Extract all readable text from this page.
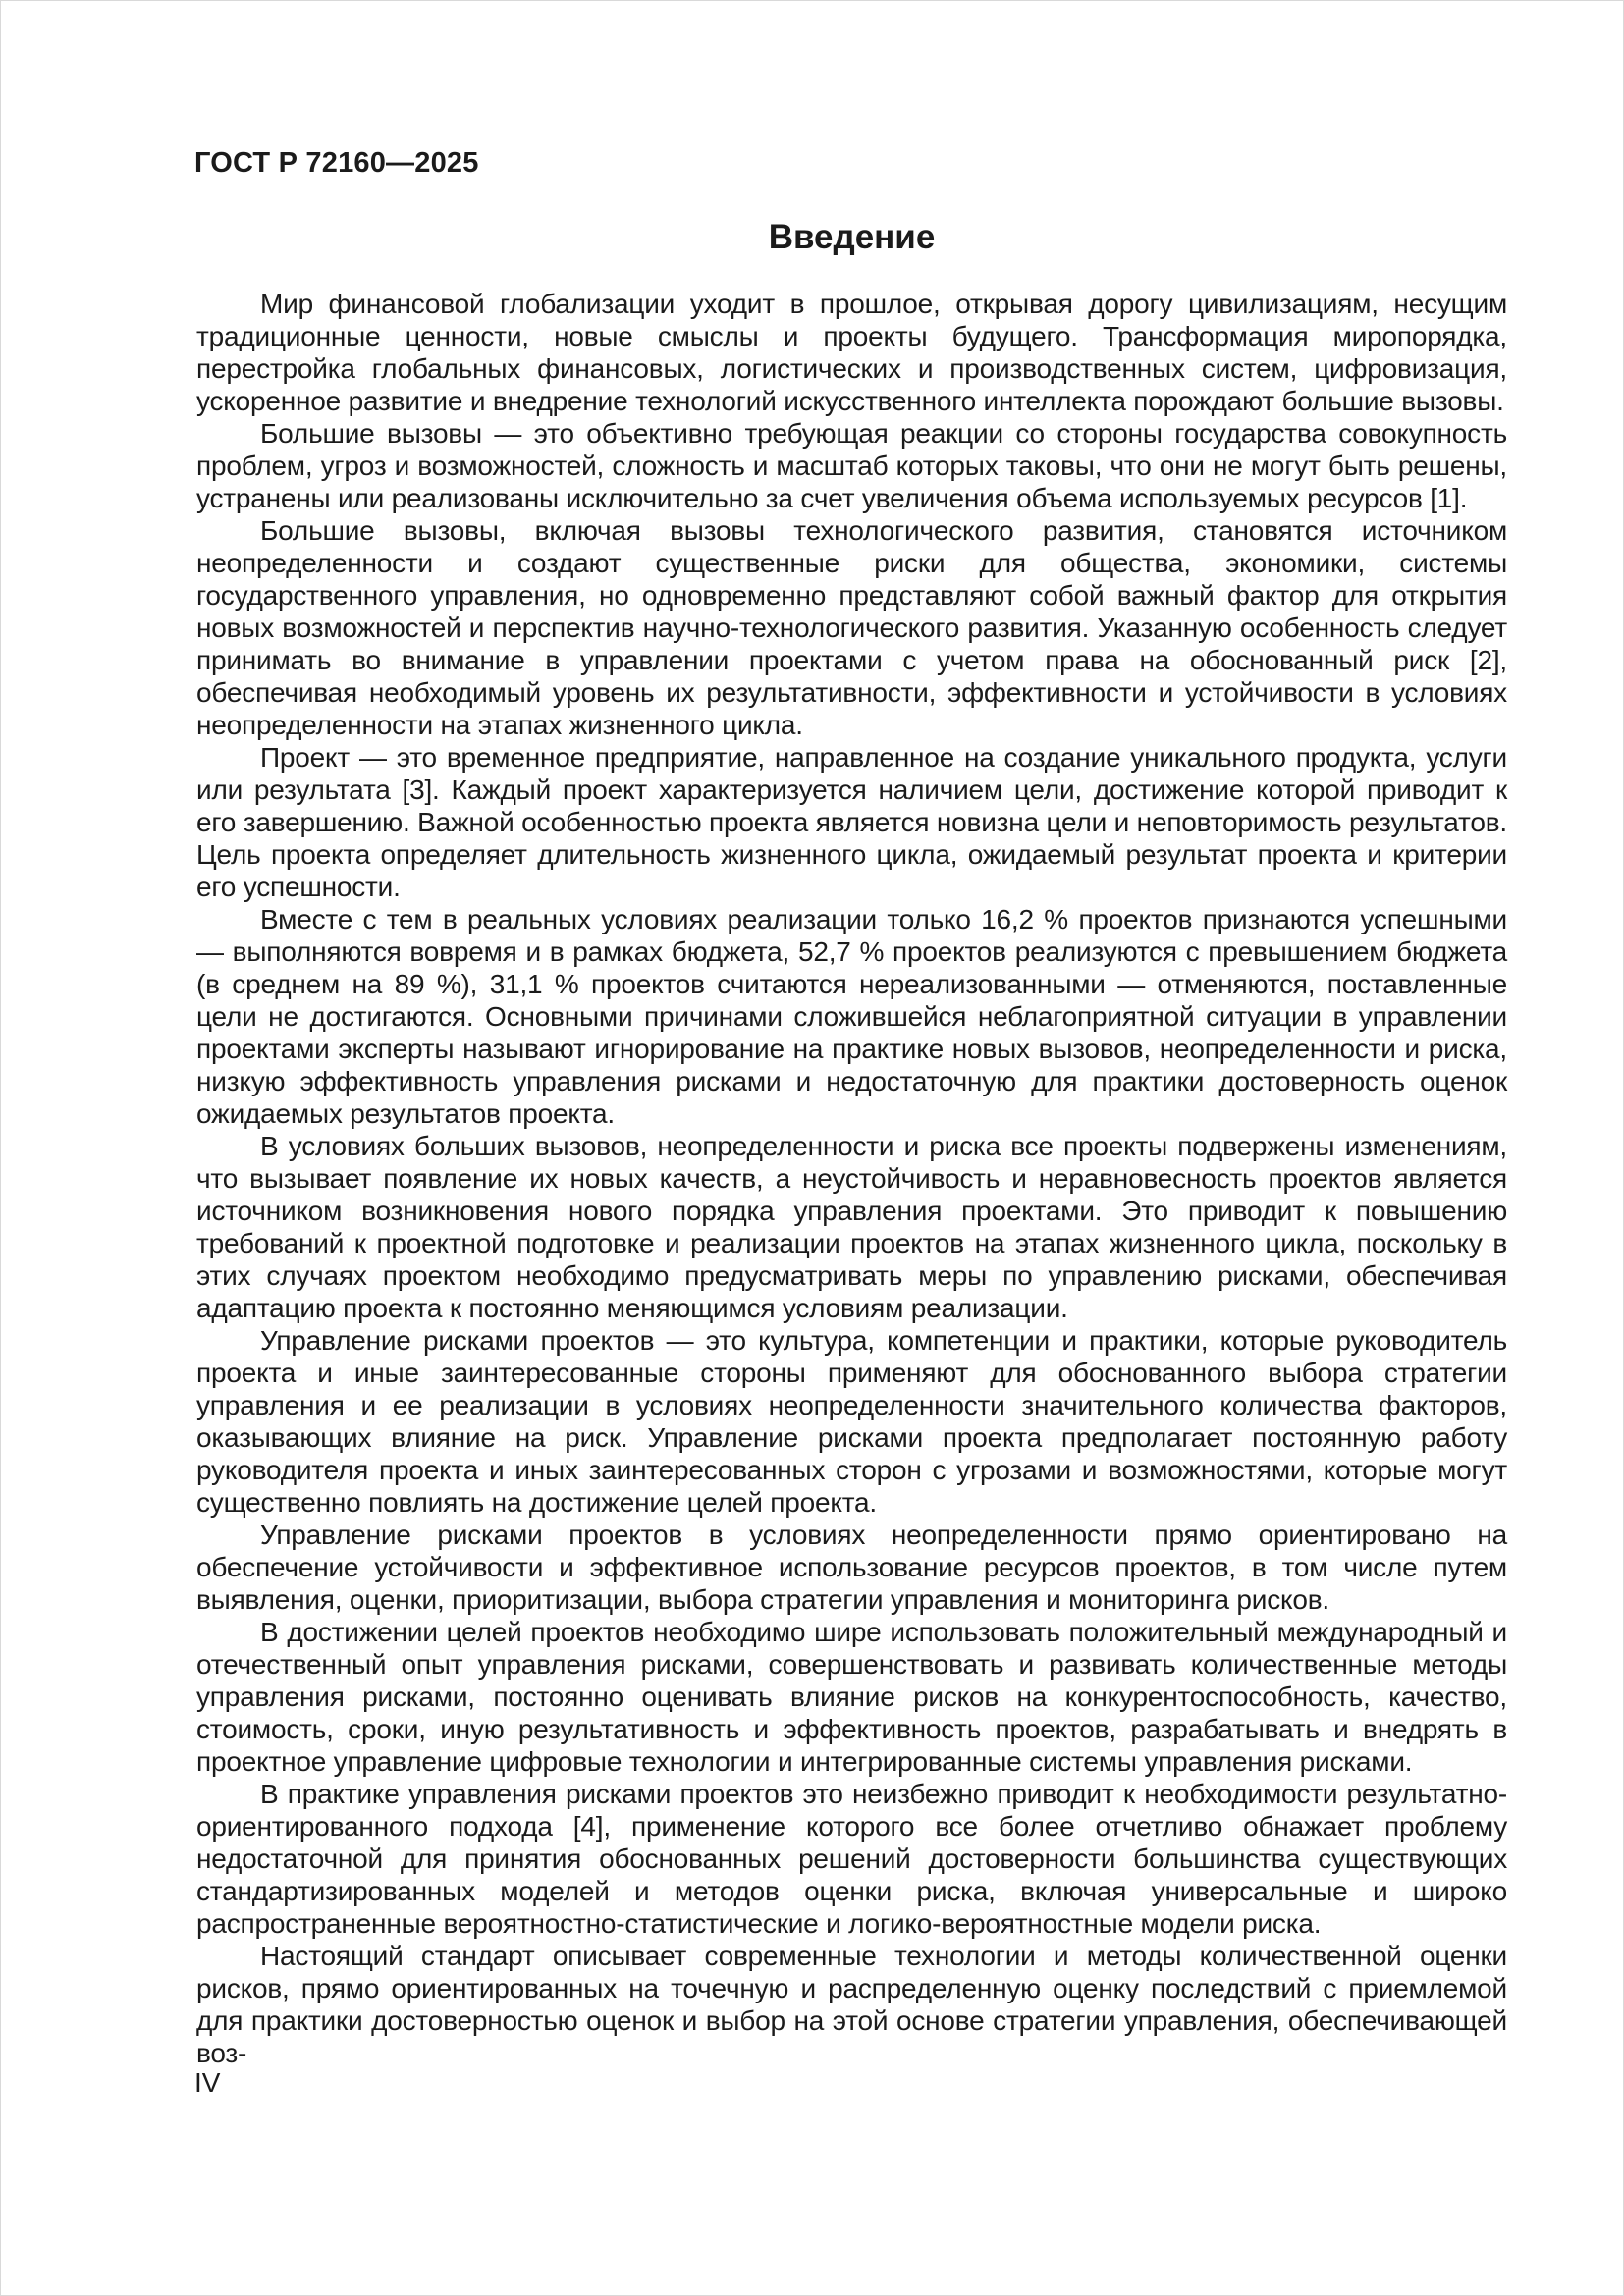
ГОСТ Р 72160—2025
Введение

Мир финансовой глобализации уходит в прошлое, открывая дорогу цивилизациям, несущим традиционные ценности, новые смыслы и проекты будущего. Трансформация миропорядка, перестройка глобальных финансовых, логистических и производственных систем, цифровизация, ускоренное развитие и внедрение технологий искусственного интеллекта порождают большие вызовы.

Большие вызовы — это объективно требующая реакции со стороны государства совокупность проблем, угроз и возможностей, сложность и масштаб которых таковы, что они не могут быть решены, устранены или реализованы исключительно за счет увеличения объема используемых ресурсов [1].

Большие вызовы, включая вызовы технологического развития, становятся источником неопределенности и создают существенные риски для общества, экономики, системы государственного управления, но одновременно представляют собой важный фактор для открытия новых возможностей и перспектив научно-технологического развития. Указанную особенность следует принимать во внимание в управлении проектами с учетом права на обоснованный риск [2], обеспечивая необходимый уровень их результативности, эффективности и устойчивости в условиях неопределенности на этапах жизненного цикла.

Проект — это временное предприятие, направленное на создание уникального продукта, услуги или результата [3]. Каждый проект характеризуется наличием цели, достижение которой приводит к его завершению. Важной особенностью проекта является новизна цели и неповторимость результатов. Цель проекта определяет длительность жизненного цикла, ожидаемый результат проекта и критерии его успешности.

Вместе с тем в реальных условиях реализации только 16,2 % проектов признаются успешными — выполняются вовремя и в рамках бюджета, 52,7 % проектов реализуются с превышением бюджета (в среднем на 89 %), 31,1 % проектов считаются нереализованными — отменяются, поставленные цели не достигаются. Основными причинами сложившейся неблагоприятной ситуации в управлении проектами эксперты называют игнорирование на практике новых вызовов, неопределенности и риска, низкую эффективность управления рисками и недостаточную для практики достоверность оценок ожидаемых результатов проекта.

В условиях больших вызовов, неопределенности и риска все проекты подвержены изменениям, что вызывает появление их новых качеств, а неустойчивость и неравновесность проектов является источником возникновения нового порядка управления проектами. Это приводит к повышению требований к проектной подготовке и реализации проектов на этапах жизненного цикла, поскольку в этих случаях проектом необходимо предусматривать меры по управлению рисками, обеспечивая адаптацию проекта к постоянно меняющимся условиям реализации.

Управление рисками проектов — это культура, компетенции и практики, которые руководитель проекта и иные заинтересованные стороны применяют для обоснованного выбора стратегии управления и ее реализации в условиях неопределенности значительного количества факторов, оказывающих влияние на риск. Управление рисками проекта предполагает постоянную работу руководителя проекта и иных заинтересованных сторон с угрозами и возможностями, которые могут существенно повлиять на достижение целей проекта.

Управление рисками проектов в условиях неопределенности прямо ориентировано на обеспечение устойчивости и эффективное использование ресурсов проектов, в том числе путем выявления, оценки, приоритизации, выбора стратегии управления и мониторинга рисков.

В достижении целей проектов необходимо шире использовать положительный международный и отечественный опыт управления рисками, совершенствовать и развивать количественные методы управления рисками, постоянно оценивать влияние рисков на конкурентоспособность, качество, стоимость, сроки, иную результативность и эффективность проектов, разрабатывать и внедрять в проектное управление цифровые технологии и интегрированные системы управления рисками.

В практике управления рисками проектов это неизбежно приводит к необходимости результатно-ориентированного подхода [4], применение которого все более отчетливо обнажает проблему недостаточной для принятия обоснованных решений достоверности большинства существующих стандартизированных моделей и методов оценки риска, включая универсальные и широко распространенные вероятностно-статистические и логико-вероятностные модели риска.

Настоящий стандарт описывает современные технологии и методы количественной оценки рисков, прямо ориентированных на точечную и распределенную оценку последствий с приемлемой для практики достоверностью оценок и выбор на этой основе стратегии управления, обеспечивающей воз-

IV
